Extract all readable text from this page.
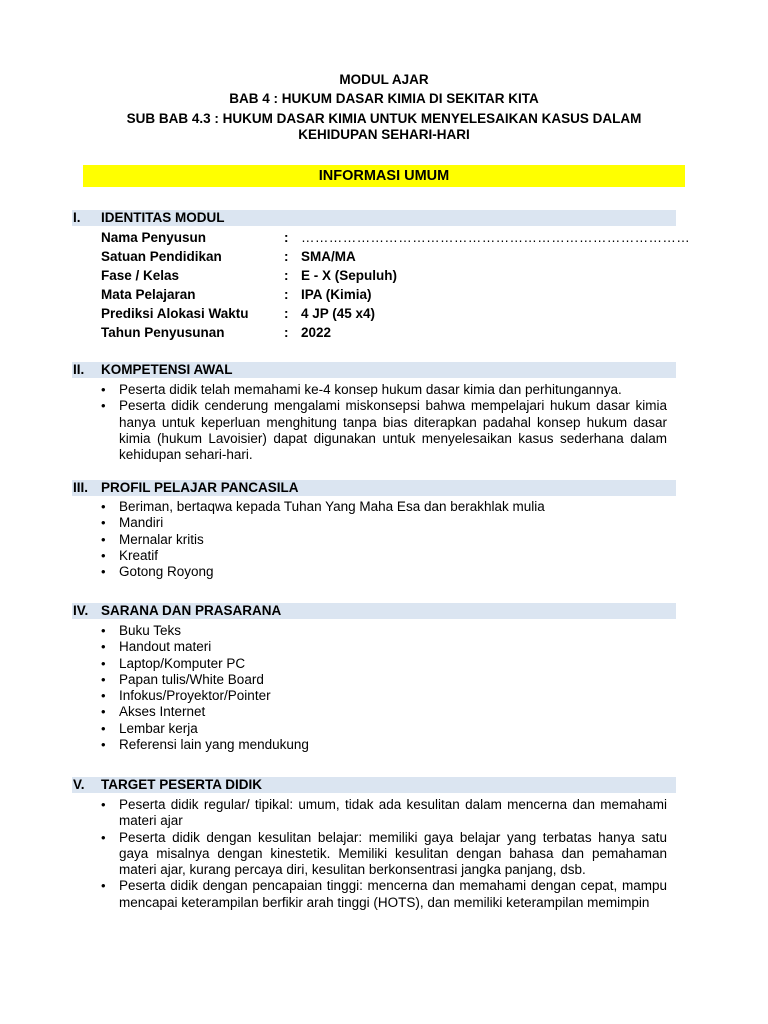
MODUL AJAR
BAB 4 : HUKUM DASAR KIMIA DI SEKITAR KITA
SUB BAB 4.3 : HUKUM DASAR KIMIA UNTUK MENYELESAIKAN KASUS DALAM
KEHIDUPAN SEHARI-HARI
INFORMASI UMUM
I. IDENTITAS MODUL
Nama Penyusun	: …………………………………………………………………………
Satuan Pendidikan	: SMA/MA
Fase / Kelas	: E - X (Sepuluh)
Mata Pelajaran	: IPA (Kimia)
Prediksi Alokasi Waktu	: 4 JP (45 x4)
Tahun Penyusunan	: 2022
II. KOMPETENSI AWAL
• Peserta didik telah memahami ke-4 konsep hukum dasar kimia dan perhitungannya.
• Peserta didik cenderung mengalami miskonsepsi bahwa mempelajari hukum dasar kimia hanya untuk keperluan menghitung tanpa bias diterapkan padahal konsep hukum dasar kimia (hukum Lavoisier) dapat digunakan untuk menyelesaikan kasus sederhana dalam kehidupan sehari-hari.
III. PROFIL PELAJAR PANCASILA
• Beriman, bertaqwa kepada Tuhan Yang Maha Esa dan berakhlak mulia
• Mandiri
• Mernalar kritis
• Kreatif
• Gotong Royong
IV. SARANA DAN PRASARANA
• Buku Teks
• Handout materi
• Laptop/Komputer PC
• Papan tulis/White Board
• Infokus/Proyektor/Pointer
• Akses Internet
• Lembar kerja
• Referensi lain yang mendukung
V. TARGET PESERTA DIDIK
• Peserta didik regular/ tipikal: umum, tidak ada kesulitan dalam mencerna dan memahami materi ajar
• Peserta didik dengan kesulitan belajar: memiliki gaya belajar yang terbatas hanya satu gaya misalnya dengan kinestetik. Memiliki kesulitan dengan bahasa dan pemahaman materi ajar, kurang percaya diri, kesulitan berkonsentrasi jangka panjang, dsb.
• Peserta didik dengan pencapaian tinggi: mencerna dan memahami dengan cepat, mampu mencapai keterampilan berfikir arah tinggi (HOTS), dan memiliki keterampilan memimpin
